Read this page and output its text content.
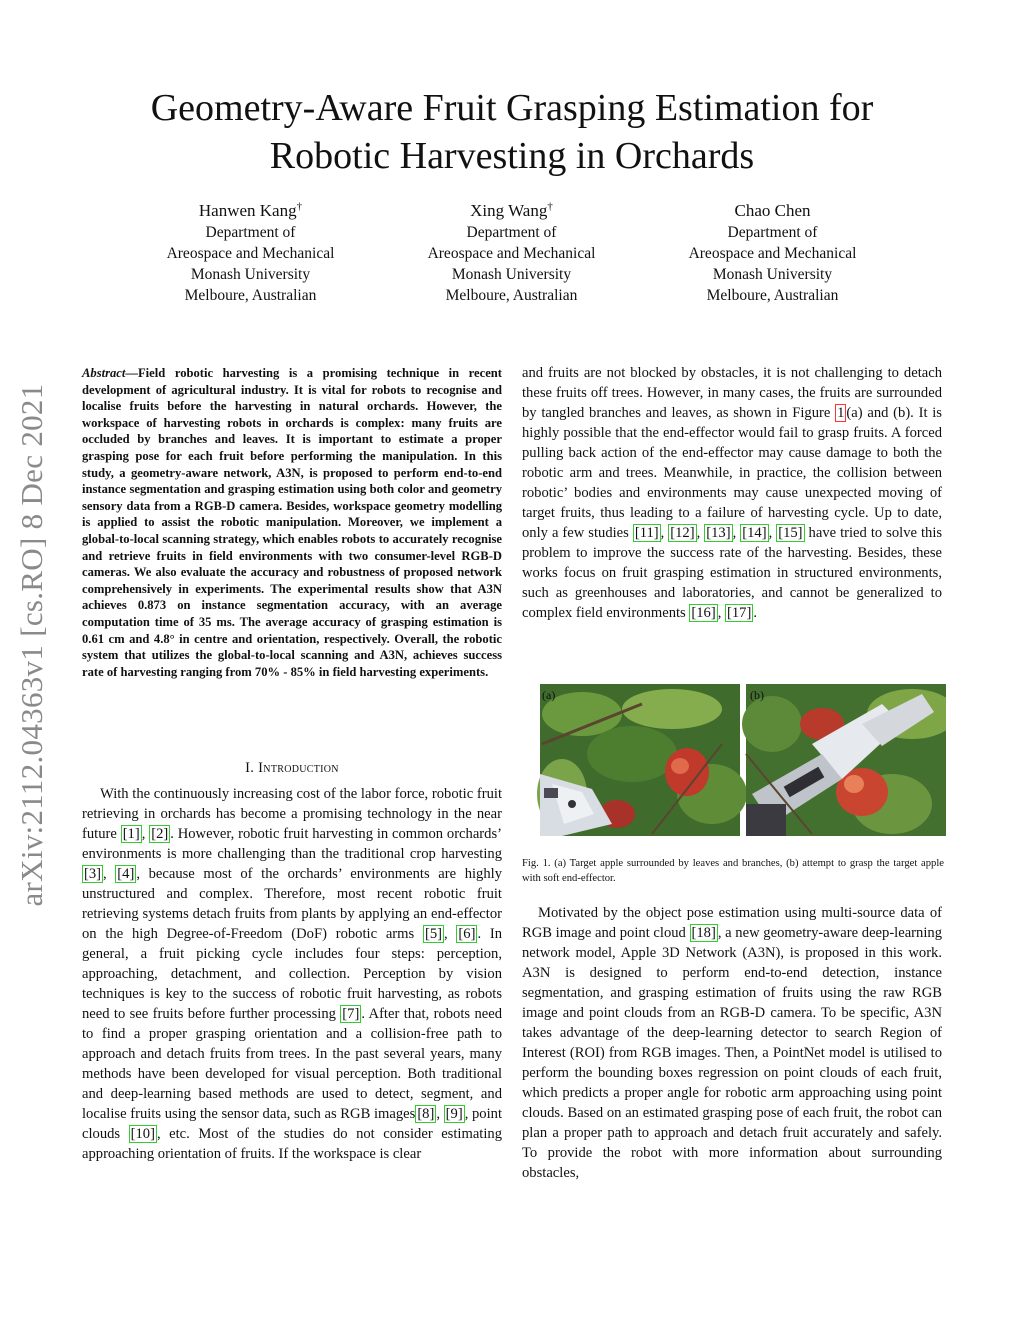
arXiv:2112.04363v1 [cs.RO] 8 Dec 2021
Geometry-Aware Fruit Grasping Estimation for
Robotic Harvesting in Orchards
Hanwen Kang†
Department of
Areospace and Mechanical
Monash University
Melboure, Australian
Xing Wang†
Department of
Areospace and Mechanical
Monash University
Melboure, Australian
Chao Chen
Department of
Areospace and Mechanical
Monash University
Melboure, Australian
Abstract—Field robotic harvesting is a promising technique in recent development of agricultural industry. It is vital for robots to recognise and localise fruits before the harvesting in natural orchards. However, the workspace of harvesting robots in orchards is complex: many fruits are occluded by branches and leaves. It is important to estimate a proper grasping pose for each fruit before performing the manipulation. In this study, a geometry-aware network, A3N, is proposed to perform end-to-end instance segmentation and grasping estimation using both color and geometry sensory data from a RGB-D camera. Besides, workspace geometry modelling is applied to assist the robotic manipulation. Moreover, we implement a global-to-local scanning strategy, which enables robots to accurately recognise and retrieve fruits in field environments with two consumer-level RGB-D cameras. We also evaluate the accuracy and robustness of proposed network comprehensively in experiments. The experimental results show that A3N achieves 0.873 on instance segmentation accuracy, with an average computation time of 35 ms. The average accuracy of grasping estimation is 0.61 cm and 4.8° in centre and orientation, respectively. Overall, the robotic system that utilizes the global-to-local scanning and A3N, achieves success rate of harvesting ranging from 70% - 85% in field harvesting experiments.
I. Introduction

With the continuously increasing cost of the labor force, robotic fruit retrieving in orchards has become a promising technology in the near future [1] , [2] . However, robotic fruit harvesting in common orchards’ environments is more challenging than the traditional crop harvesting [3] , [4] , because most of the orchards’ environments are highly unstructured and complex. Therefore, most recent robotic fruit retrieving systems detach fruits from plants by applying an end-effector on the high Degree-of-Freedom (DoF) robotic arms [5] , [6] . In general, a fruit picking cycle includes four steps: perception, approaching, detachment, and collection. Perception by vision techniques is key to the success of robotic fruit harvesting, as robots need to see fruits before further processing [7] . After that, robots need to find a proper grasping orientation and a collision-free path to approach and detach fruits from trees. In the past several years, many methods have been developed for visual perception. Both traditional and deep-learning based methods are used to detect, segment, and localise fruits using the sensor data, such as RGB images [8] , [9] , point clouds [10] , etc. Most of the studies do not consider estimating approaching orientation of fruits. If the workspace is clear

and fruits are not blocked by obstacles, it is not challenging to detach these fruits off trees. However, in many cases, the fruits are surrounded by tangled branches and leaves, as shown in Figure 1 (a) and (b). It is highly possible that the end-effector would fail to grasp fruits. A forced pulling back action of the end-effector may cause damage to both the robotic arm and trees. Meanwhile, in practice, the collision between robotic’ bodies and environments may cause unexpected moving of target fruits, thus leading to a failure of harvesting cycle. Up to date, only a few studies [11] , [12] , [13] , [14] , [15] have tried to solve this problem to improve the success rate of the harvesting. Besides, these works focus on fruit grasping estimation in structured environments, such as greenhouses and laboratories, and cannot be generalized to complex field environments [16] , [17] .

(a)	(b)
Fig. 1. (a) Target apple surrounded by leaves and branches, (b) attempt to grasp the target apple with soft end-effector.

Motivated by the object pose estimation using multi-source data of RGB image and point cloud [18] , a new geometry-aware deep-learning network model, Apple 3D Network (A3N), is proposed in this work. A3N is designed to perform end-to-end detection, instance segmentation, and grasping estimation of fruits using the raw RGB image and point clouds from an RGB-D camera. To be specific, A3N takes advantage of the deep-learning detector to search Region of Interest (ROI) from RGB images. Then, a PointNet model is utilised to perform the bounding boxes regression on point clouds of each fruit, which predicts a proper angle for robotic arm approaching using point clouds. Based on an estimated grasping pose of each fruit, the robot can plan a proper path to approach and detach fruit accurately and safely. To provide the robot with more information about surrounding obstacles,
